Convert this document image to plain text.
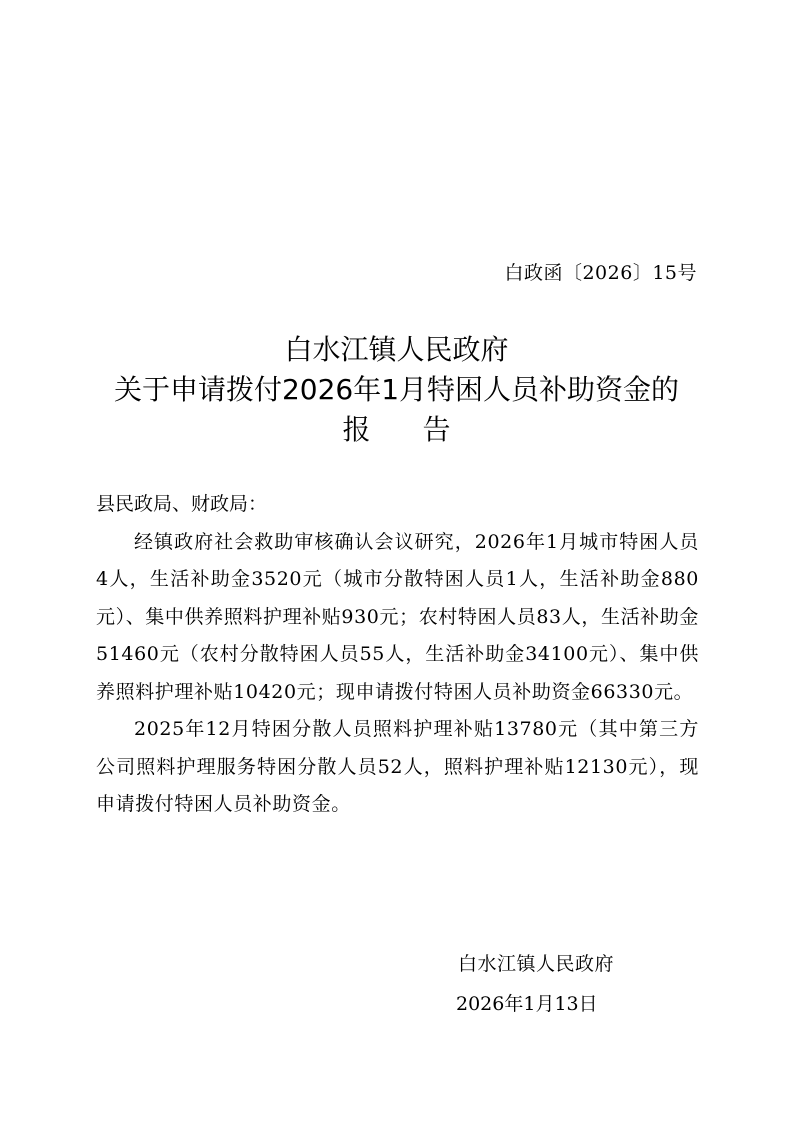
白政函〔2026〕15号
白水江镇人民政府
关于申请拨付2026年1月特困人员补助资金的
报 告

县民政局、财政局：

经镇政府社会救助审核确认会议研究，2026年1月城市特困人员4人，生活补助金3520元（城市分散特困人员1人，生活补助金880元）、集中供养照料护理补贴930元；农村特困人员83人，生活补助金 51460元（农村分散特困人员55人，生活补助金34100元）、集中供养照料护理补贴10420元；现申请拨付特困人员补助资金66330元。

2025年12月特困分散人员照料护理补贴13780元（其中第三方公司照料护理服务特困分散人员52人，照料护理补贴12130元），现申请拨付特困人员补助资金。

白水江镇人民政府
2026年1月13日
